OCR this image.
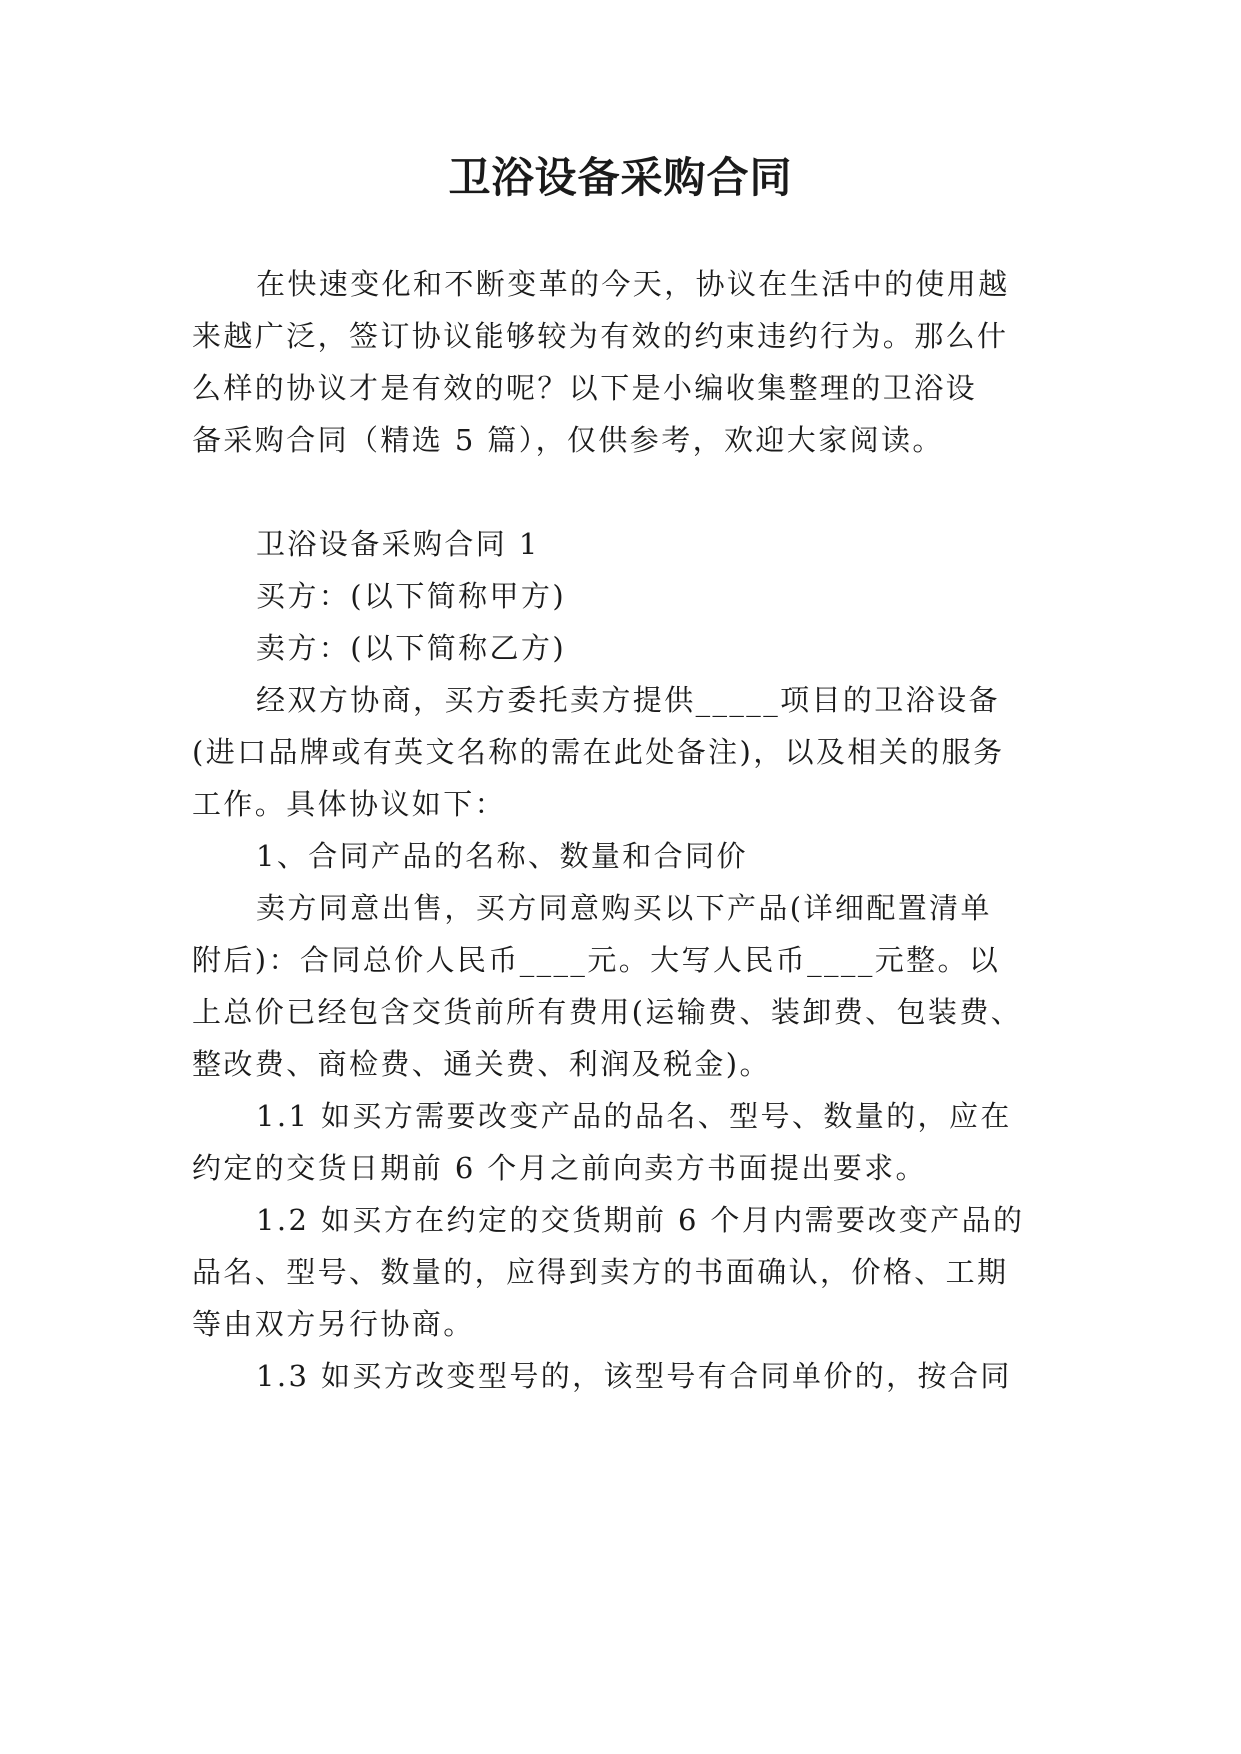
卫浴设备采购合同
在快速变化和不断变革的今天，协议在生活中的使用越
来越广泛，签订协议能够较为有效的约束违约行为。那么什
么样的协议才是有效的呢？以下是小编收集整理的卫浴设
备采购合同（精选 5 篇），仅供参考，欢迎大家阅读。
卫浴设备采购合同 1
买方：(以下简称甲方)
卖方：(以下简称乙方)
经双方协商，买方委托卖方提供_____项目的卫浴设备
(进口品牌或有英文名称的需在此处备注)，以及相关的服务
工作。具体协议如下：
1、合同产品的名称、数量和合同价
卖方同意出售，买方同意购买以下产品(详细配置清单
附后)：合同总价人民币____元。大写人民币____元整。以
上总价已经包含交货前所有费用(运输费、装卸费、包装费、
整改费、商检费、通关费、利润及税金)。
1.1 如买方需要改变产品的品名、型号、数量的，应在
约定的交货日期前 6 个月之前向卖方书面提出要求。
1.2 如买方在约定的交货期前 6 个月内需要改变产品的
品名、型号、数量的，应得到卖方的书面确认，价格、工期
等由双方另行协商。
1.3 如买方改变型号的，该型号有合同单价的，按合同
